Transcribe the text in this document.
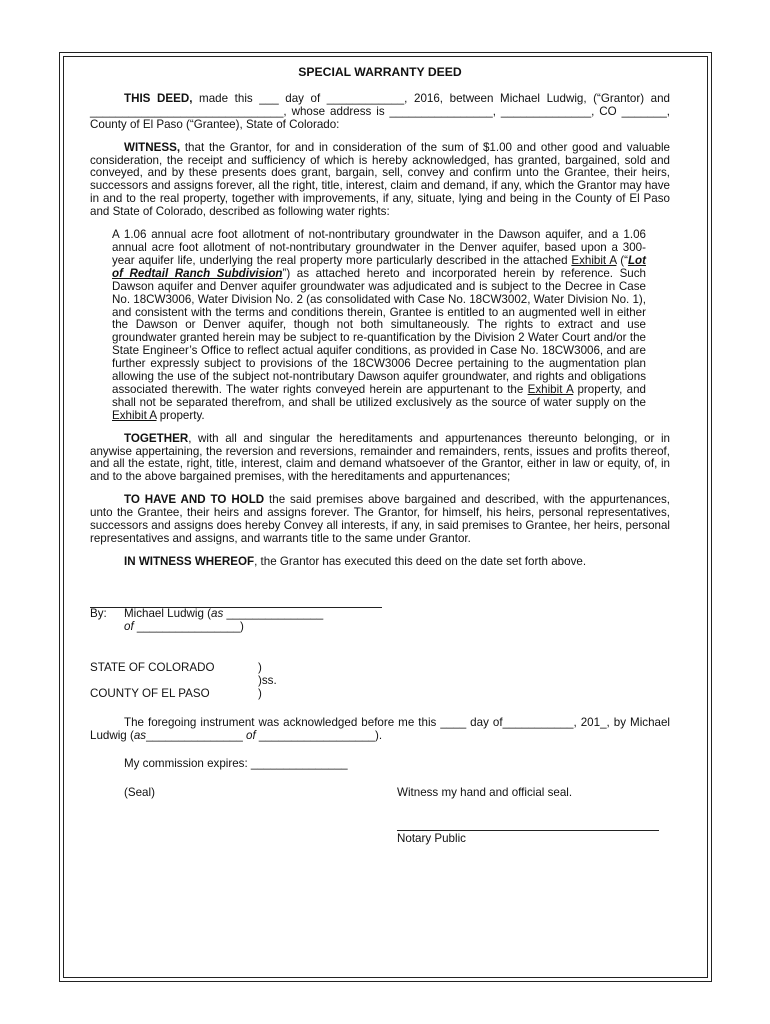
SPECIAL WARRANTY DEED

THIS DEED, made this ___ day of ____________, 2016, between Michael Ludwig, (“Grantor) and ______________________________, whose address is ________________, ______________, CO _______, County of El Paso (“Grantee), State of Colorado:

WITNESS, that the Grantor, for and in consideration of the sum of $1.00 and other good and valuable consideration, the receipt and sufficiency of which is hereby acknowledged, has granted, bargained, sold and conveyed, and by these presents does grant, bargain, sell, convey and confirm unto the Grantee, their heirs, successors and assigns forever, all the right, title, interest, claim and demand, if any, which the Grantor may have in and to the real property, together with improvements, if any, situate, lying and being in the County of El Paso and State of Colorado, described as following water rights:

A 1.06 annual acre foot allotment of not-nontributary groundwater in the Dawson aquifer, and a 1.06 annual acre foot allotment of not-nontributary groundwater in the Denver aquifer, based upon a 300-year aquifer life, underlying the real property more particularly described in the attached Exhibit A (“Lot of Redtail Ranch Subdivision”) as attached hereto and incorporated herein by reference. Such Dawson aquifer and Denver aquifer groundwater was adjudicated and is subject to the Decree in Case No. 18CW3006, Water Division No. 2 (as consolidated with Case No. 18CW3002, Water Division No. 1), and consistent with the terms and conditions therein, Grantee is entitled to an augmented well in either the Dawson or Denver aquifer, though not both simultaneously. The rights to extract and use groundwater granted herein may be subject to re-quantification by the Division 2 Water Court and/or the State Engineer’s Office to reflect actual aquifer conditions, as provided in Case No. 18CW3006, and are further expressly subject to provisions of the 18CW3006 Decree pertaining to the augmentation plan allowing the use of the subject not-nontributary Dawson aquifer groundwater, and rights and obligations associated therewith. The water rights conveyed herein are appurtenant to the Exhibit A property, and shall not be separated therefrom, and shall be utilized exclusively as the source of water supply on the Exhibit A property.

TOGETHER, with all and singular the hereditaments and appurtenances thereunto belonging, or in anywise appertaining, the reversion and reversions, remainder and remainders, rents, issues and profits thereof, and all the estate, right, title, interest, claim and demand whatsoever of the Grantor, either in law or equity, of, in and to the above bargained premises, with the hereditaments and appurtenances;

TO HAVE AND TO HOLD the said premises above bargained and described, with the appurtenances, unto the Grantee, their heirs and assigns forever. The Grantor, for himself, his heirs, personal representatives, successors and assigns does hereby Convey all interests, if any, in said premises to Grantee, her heirs, personal representatives and assigns, and warrants title to the same under Grantor.

IN WITNESS WHEREOF, the Grantor has executed this deed on the date set forth above.

By:	Michael Ludwig (as _______________
of ________________)
STATE OF COLORADO	)
)ss.
COUNTY OF EL PASO	)

The foregoing instrument was acknowledged before me this ____ day of___________, 201_, by Michael Ludwig (as_______________ of __________________).

My commission expires: _______________

(Seal)	Witness my hand and official seal.
Notary Public
